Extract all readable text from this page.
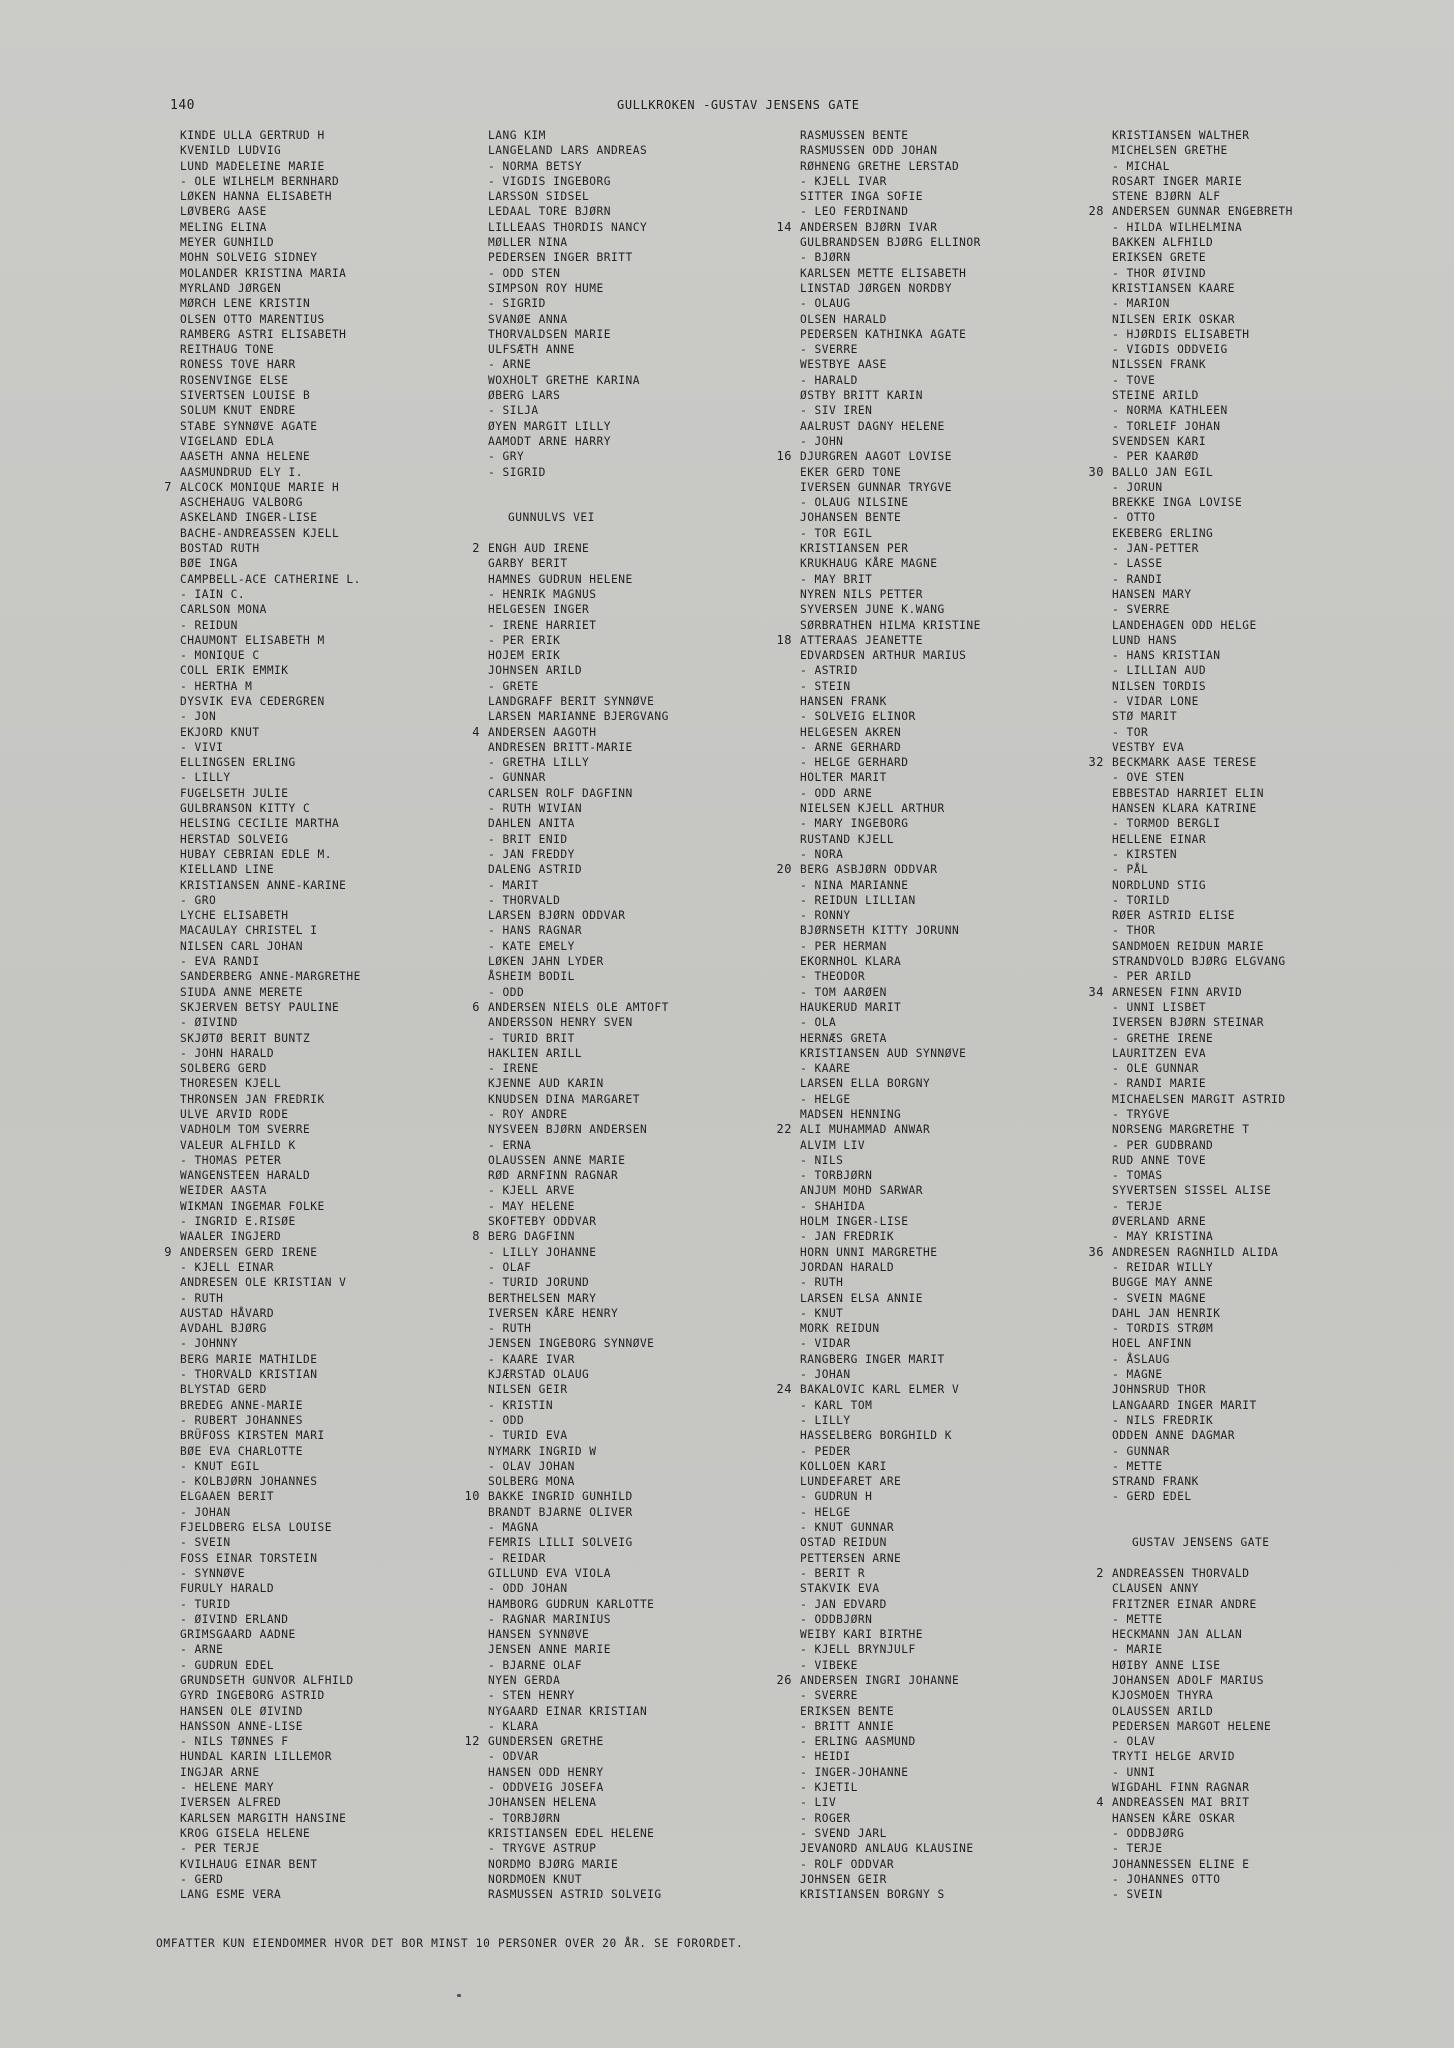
140	GULLKROKEN -GUSTAV JENSENS GATE
KINDE ULLA GERTRUD H
KVENILD LUDVIG
LUND MADELEINE MARIE
- OLE WILHELM BERNHARD
LØKEN HANNA ELISABETH
LØVBERG AASE
MELING ELINA
MEYER GUNHILD
MOHN SOLVEIG SIDNEY
MOLANDER KRISTINA MARIA
MYRLAND JØRGEN
MØRCH LENE KRISTIN
OLSEN OTTO MARENTIUS
RAMBERG ASTRI ELISABETH
REITHAUG TONE
RONESS TOVE HARR
ROSENVINGE ELSE
SIVERTSEN LOUISE B
SOLUM KNUT ENDRE
STABE SYNNØVE AGATE
VIGELAND EDLA
AASETH ANNA HELENE
AASMUNDRUD ELY I.
7 ALCOCK MONIQUE MARIE H
ASCHEHAUG VALBORG
ASKELAND INGER-LISE
BACHE-ANDREASSEN KJELL
BOSTAD RUTH
BØE INGA
CAMPBELL-ACE CATHERINE L.
- IAIN C.
CARLSON MONA
- REIDUN
CHAUMONT ELISABETH M
- MONIQUE C
COLL ERIK EMMIK
- HERTHA M
DYSVIK EVA CEDERGREN
- JON
EKJORD KNUT
- VIVI
ELLINGSEN ERLING
- LILLY
FUGELSETH JULIE
GULBRANSON KITTY C
HELSING CECILIE MARTHA
HERSTAD SOLVEIG
HUBAY CEBRIAN EDLE M.
KIELLAND LINE
KRISTIANSEN ANNE-KARINE
- GRO
LYCHE ELISABETH
MACAULAY CHRISTEL I
NILSEN CARL JOHAN
- EVA RANDI
SANDERBERG ANNE-MARGRETHE
SIUDA ANNE MERETE
SKJERVEN BETSY PAULINE
- ØIVIND
SKJØTØ BERIT BUNTZ
- JOHN HARALD
SOLBERG GERD
THORESEN KJELL
THRONSEN JAN FREDRIK
ULVE ARVID RODE
VADHOLM TOM SVERRE
VALEUR ALFHILD K
- THOMAS PETER
WANGENSTEEN HARALD
WEIDER AASTA
WIKMAN INGEMAR FOLKE
- INGRID E.RISØE
WAALER INGJERD
9 ANDERSEN GERD IRENE
- KJELL EINAR
ANDRESEN OLE KRISTIAN V
- RUTH
AUSTAD HÅVARD
AVDAHL BJØRG
- JOHNNY
BERG MARIE MATHILDE
- THORVALD KRISTIAN
BLYSTAD GERD
BREDEG ANNE-MARIE
- RUBERT JOHANNES
BRÜFOSS KIRSTEN MARI
BØE EVA CHARLOTTE
- KNUT EGIL
- KOLBJØRN JOHANNES
ELGAAEN BERIT
- JOHAN
FJELDBERG ELSA LOUISE
- SVEIN
FOSS EINAR TORSTEIN
- SYNNØVE
FURULY HARALD
- TURID
- ØIVIND ERLAND
GRIMSGAARD AADNE
- ARNE
- GUDRUN EDEL
GRUNDSETH GUNVOR ALFHILD
GYRD INGEBORG ASTRID
HANSEN OLE ØIVIND
HANSSON ANNE-LISE
- NILS TØNNES F
HUNDAL KARIN LILLEMOR
INGJAR ARNE
- HELENE MARY
IVERSEN ALFRED
KARLSEN MARGITH HANSINE
KROG GISELA HELENE
- PER TERJE
KVILHAUG EINAR BENT
- GERD
LANG ESME VERA
LANG KIM
LANGELAND LARS ANDREAS
- NORMA BETSY
- VIGDIS INGEBORG
LARSSON SIDSEL
LEDAAL TORE BJØRN
LILLEAAS THORDIS NANCY
MØLLER NINA
PEDERSEN INGER BRITT
- ODD STEN
SIMPSON ROY HUME
- SIGRID
SVANØE ANNA
THORVALDSEN MARIE
ULFSÆTH ANNE
- ARNE
WOXHOLT GRETHE KARINA
ØBERG LARS
- SILJA
ØYEN MARGIT LILLY
AAMODT ARNE HARRY
- GRY
- SIGRID
GUNNULVS VEI
2 ENGH AUD IRENE
GARBY BERIT
HAMNES GUDRUN HELENE
- HENRIK MAGNUS
HELGESEN INGER
- IRENE HARRIET
- PER ERIK
HOJEM ERIK
JOHNSEN ARILD
- GRETE
LANDGRAFF BERIT SYNNØVE
LARSEN MARIANNE BJERGVANG
4 ANDERSEN AAGOTH
ANDRESEN BRITT-MARIE
- GRETHA LILLY
- GUNNAR
CARLSEN ROLF DAGFINN
- RUTH WIVIAN
DAHLEN ANITA
- BRIT ENID
- JAN FREDDY
DALENG ASTRID
- MARIT
- THORVALD
LARSEN BJØRN ODDVAR
- HANS RAGNAR
- KATE EMELY
LØKEN JAHN LYDER
ÅSHEIM BODIL
- ODD
6 ANDERSEN NIELS OLE AMTOFT
ANDERSSON HENRY SVEN
- TURID BRIT
HAKLIEN ARILL
- IRENE
KJENNE AUD KARIN
KNUDSEN DINA MARGARET
- ROY ANDRE
NYSVEEN BJØRN ANDERSEN
- ERNA
OLAUSSEN ANNE MARIE
RØD ARNFINN RAGNAR
- KJELL ARVE
- MAY HELENE
SKOFTEBY ODDVAR
8 BERG DAGFINN
- LILLY JOHANNE
- OLAF
- TURID JORUND
BERTHELSEN MARY
IVERSEN KÅRE HENRY
- RUTH
JENSEN INGEBORG SYNNØVE
- KAARE IVAR
KJÆRSTAD OLAUG
NILSEN GEIR
- KRISTIN
- ODD
- TURID EVA
NYMARK INGRID W
- OLAV JOHAN
SOLBERG MONA
10 BAKKE INGRID GUNHILD
BRANDT BJARNE OLIVER
- MAGNA
FEMRIS LILLI SOLVEIG
- REIDAR
GILLUND EVA VIOLA
- ODD JOHAN
HAMBORG GUDRUN KARLOTTE
- RAGNAR MARINIUS
HANSEN SYNNØVE
JENSEN ANNE MARIE
- BJARNE OLAF
NYEN GERDA
- STEN HENRY
NYGAARD EINAR KRISTIAN
- KLARA
12 GUNDERSEN GRETHE
- ODVAR
HANSEN ODD HENRY
- ODDVEIG JOSEFA
JOHANSEN HELENA
- TORBJØRN
KRISTIANSEN EDEL HELENE
- TRYGVE ASTRUP
NORDMO BJØRG MARIE
NORDMOEN KNUT
RASMUSSEN ASTRID SOLVEIG
RASMUSSEN BENTE
RASMUSSEN ODD JOHAN
RØHNENG GRETHE LERSTAD
- KJELL IVAR
SITTER INGA SOFIE
- LEO FERDINAND
14 ANDERSEN BJØRN IVAR
GULBRANDSEN BJØRG ELLINOR
- BJØRN
KARLSEN METTE ELISABETH
LINSTAD JØRGEN NORDBY
- OLAUG
OLSEN HARALD
PEDERSEN KATHINKA AGATE
- SVERRE
WESTBYE AASE
- HARALD
ØSTBY BRITT KARIN
- SIV IREN
AALRUST DAGNY HELENE
- JOHN
16 DJURGREN AAGOT LOVISE
EKER GERD TONE
IVERSEN GUNNAR TRYGVE
- OLAUG NILSINE
JOHANSEN BENTE
- TOR EGIL
KRISTIANSEN PER
KRUKHAUG KÅRE MAGNE
- MAY BRIT
NYREN NILS PETTER
SYVERSEN JUNE K.WANG
SØRBRATHEN HILMA KRISTINE
18 ATTERAAS JEANETTE
EDVARDSEN ARTHUR MARIUS
- ASTRID
- STEIN
HANSEN FRANK
- SOLVEIG ELINOR
HELGESEN AKREN
- ARNE GERHARD
- HELGE GERHARD
HOLTER MARIT
- ODD ARNE
NIELSEN KJELL ARTHUR
- MARY INGEBORG
RUSTAND KJELL
- NORA
20 BERG ASBJØRN ODDVAR
- NINA MARIANNE
- REIDUN LILLIAN
- RONNY
BJØRNSETH KITTY JORUNN
- PER HERMAN
EKORNHOL KLARA
- THEODOR
- TOM AARØEN
HAUKERUD MARIT
- OLA
HERNÆS GRETA
KRISTIANSEN AUD SYNNØVE
- KAARE
LARSEN ELLA BORGNY
- HELGE
MADSEN HENNING
22 ALI MUHAMMAD ANWAR
ALVIM LIV
- NILS
- TORBJØRN
ANJUM MOHD SARWAR
- SHAHIDA
HOLM INGER-LISE
- JAN FREDRIK
HORN UNNI MARGRETHE
JORDAN HARALD
- RUTH
LARSEN ELSA ANNIE
- KNUT
MORK REIDUN
- VIDAR
RANGBERG INGER MARIT
- JOHAN
24 BAKALOVIC KARL ELMER V
- KARL TOM
- LILLY
HASSELBERG BORGHILD K
- PEDER
KOLLOEN KARI
LUNDEFARET ARE
- GUDRUN H
- HELGE
- KNUT GUNNAR
OSTAD REIDUN
PETTERSEN ARNE
- BERIT R
STAKVIK EVA
- JAN EDVARD
- ODDBJØRN
WEIBY KARI BIRTHE
- KJELL BRYNJULF
- VIBEKE
26 ANDERSEN INGRI JOHANNE
- SVERRE
ERIKSEN BENTE
- BRITT ANNIE
- ERLING AASMUND
- HEIDI
- INGER-JOHANNE
- KJETIL
- LIV
- ROGER
- SVEND JARL
JEVANORD ANLAUG KLAUSINE
- ROLF ODDVAR
JOHNSEN GEIR
KRISTIANSEN BORGNY S
KRISTIANSEN WALTHER
MICHELSEN GRETHE
- MICHAL
ROSART INGER MARIE
STENE BJØRN ALF
28 ANDERSEN GUNNAR ENGEBRETH
- HILDA WILHELMINA
BAKKEN ALFHILD
ERIKSEN GRETE
- THOR ØIVIND
KRISTIANSEN KAARE
- MARION
NILSEN ERIK OSKAR
- HJØRDIS ELISABETH
- VIGDIS ODDVEIG
NILSSEN FRANK
- TOVE
STEINE ARILD
- NORMA KATHLEEN
- TORLEIF JOHAN
SVENDSEN KARI
- PER KAARØD
30 BALLO JAN EGIL
- JORUN
BREKKE INGA LOVISE
- OTTO
EKEBERG ERLING
- JAN-PETTER
- LASSE
- RANDI
HANSEN MARY
- SVERRE
LANDEHAGEN ODD HELGE
LUND HANS
- HANS KRISTIAN
- LILLIAN AUD
NILSEN TORDIS
- VIDAR LONE
STØ MARIT
- TOR
VESTBY EVA
32 BECKMARK AASE TERESE
- OVE STEN
EBBESTAD HARRIET ELIN
HANSEN KLARA KATRINE
- TORMOD BERGLI
HELLENE EINAR
- KIRSTEN
- PÅL
NORDLUND STIG
- TORILD
RØER ASTRID ELISE
- THOR
SANDMOEN REIDUN MARIE
STRANDVOLD BJØRG ELGVANG
- PER ARILD
34 ARNESEN FINN ARVID
- UNNI LISBET
IVERSEN BJØRN STEINAR
- GRETHE IRENE
LAURITZEN EVA
- OLE GUNNAR
- RANDI MARIE
MICHAELSEN MARGIT ASTRID
- TRYGVE
NORSENG MARGRETHE T
- PER GUDBRAND
RUD ANNE TOVE
- TOMAS
SYVERTSEN SISSEL ALISE
- TERJE
ØVERLAND ARNE
- MAY KRISTINA
36 ANDRESEN RAGNHILD ALIDA
- REIDAR WILLY
BUGGE MAY ANNE
- SVEIN MAGNE
DAHL JAN HENRIK
- TORDIS STRØM
HOEL ANFINN
- ÅSLAUG
- MAGNE
JOHNSRUD THOR
LANGAARD INGER MARIT
- NILS FREDRIK
ODDEN ANNE DAGMAR
- GUNNAR
- METTE
STRAND FRANK
- GERD EDEL
GUSTAV JENSENS GATE
2 ANDREASSEN THORVALD
CLAUSEN ANNY
FRITZNER EINAR ANDRE
- METTE
HECKMANN JAN ALLAN
- MARIE
HØIBY ANNE LISE
JOHANSEN ADOLF MARIUS
KJOSMOEN THYRA
OLAUSSEN ARILD
PEDERSEN MARGOT HELENE
- OLAV
TRYTI HELGE ARVID
- UNNI
WIGDAHL FINN RAGNAR
4 ANDREASSEN MAI BRIT
HANSEN KÅRE OSKAR
- ODDBJØRG
- TERJE
JOHANNESSEN ELINE E
- JOHANNES OTTO
- SVEIN
OMFATTER KUN EIENDOMMER HVOR DET BOR MINST 10 PERSONER OVER 20 ÅR. SE FORORDET.
